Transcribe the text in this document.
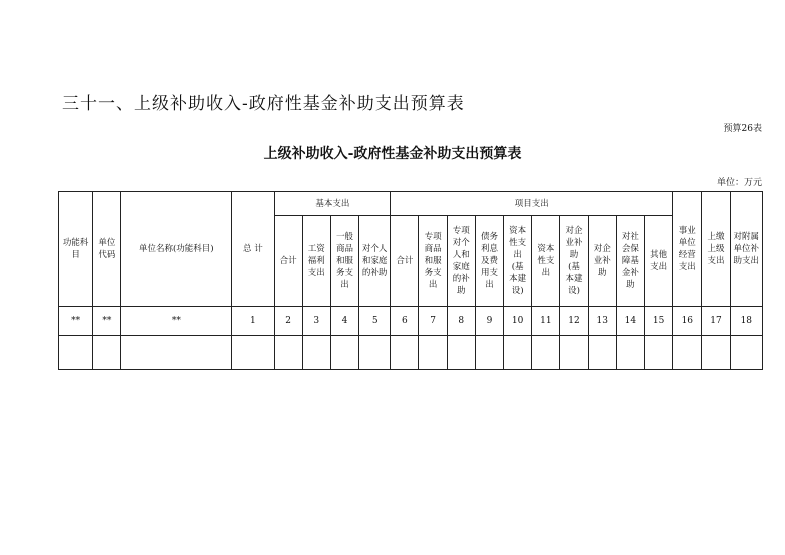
三十一、上级补助收入-政府性基金补助支出预算表
预算26表
上级补助收入-政府性基金补助支出预算表
单位：万元
功能科目	单位代码	单位名称(功能科目)	总 计	基本支出				项目支出										事业单位经营支出	上缴上级支出	对附属单位补助支出
				合计	工资福利支出	一般商品和服务支出	对个人和家庭的补助	合计	专项商品和服务支出	专项对个人和家庭的补助	债务利息及费用支出	资本性支出(基本建设)	资本性支出	对企业补助(基本建设)	对企业补助	对社会保障基金补助	其他支出			
**	**	**	1	2	3	4	5	6	7	8	9	10	11	12	13	14	15	16	17	18
